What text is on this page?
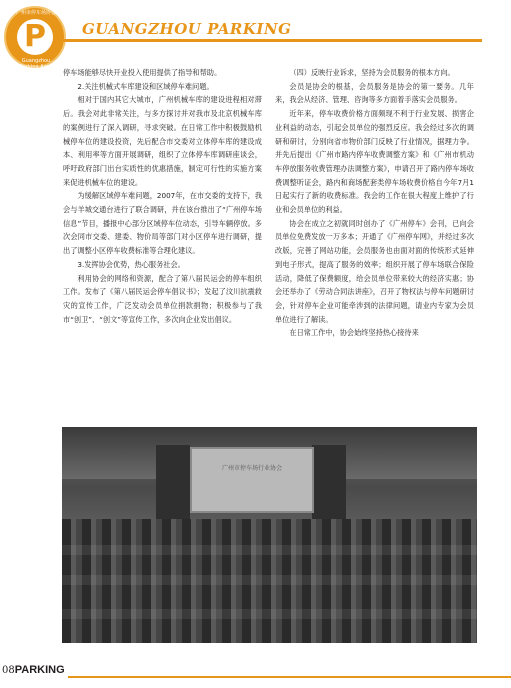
广州市停车场协会
P
Guangzhou Parking Assn
GUANGZHOU PARKING

停车场能够尽快开业投入使用提供了指导和帮助。

2.关注机械式车库建设和区域停车难问题。

相对于国内其它大城市，广州机械车库的建设进程相对滞后。我会对此非常关注，与多方探讨并对我市及北京机械车库的案例进行了深入调研，寻求突破。在日常工作中积极鼓励机械停车位的建设投资，先后配合市交委对立体停车库的建设成本、利用率等方面开展调研，组织了立体停车库调研座谈会，呼吁政府部门出台实质性的优惠措施，制定可行性的实施方案来促进机械车位的建设。

为缓解区域停车难问题，2007年，在市交委的支持下，我会与羊城交通台进行了联合调研，并在该台推出了“广州停车场信息”节目，播报中心部分区域停车位动态，引导车辆停放。多次会同市交委、建委、物价局等部门对小区停车进行调研，提出了调整小区停车收费标准等合理化建议。

3.发挥协会优势，热心服务社会。

利用协会的网络和资源，配合了第八届民运会的停车组织工作。发布了《第八届民运会停车倡议书》；发起了汶川抗震救灾的宣传工作，广泛发动会员单位捐款捐物；积极参与了我市“创卫”、“创文”等宣传工作，多次向企业发出倡议。

（四）反映行业诉求，坚持为会员服务的根本方向。

会员是协会的根基，会员服务是协会的第一要务。几年来，我会从经济、管理、咨询等多方面着手落实会员服务。

近年来，停车收费价格方面频现不利于行业发展、损害企业利益的动态，引起会员单位的强烈反应。我会经过多次的调研和研讨，分别向省市物价部门反映了行业情况，据理力争。并先后提出《广州市路内停车收费调整方案》和《广州市机动车停放服务收费管理办法调整方案》，申请召开了路内停车场收费调整听证会，路内和商场配套类停车场收费价格自今年7月1日起实行了新的收费标准。我会的工作在很大程度上维护了行业和会员单位的利益。

协会在成立之初就同时创办了《广州停车》会刊，已向会员单位免费发放一万多本；开通了《广州停车网》，并经过多次改版，完善了网站功能，会员服务也由面对面的传统形式延伸到电子形式，提高了服务的效率；组织开展了停车场联合保险活动，降低了保费额度，给会员单位带来较大的经济实惠；协会还举办了《劳动合同法讲座》，召开了物权法与停车问题研讨会，针对停车企业可能牵涉到的法律问题，请业内专家为会员单位进行了解读。

在日常工作中，协会始终坚持热心接待来

广州市停车场行业协会
08PARKING
